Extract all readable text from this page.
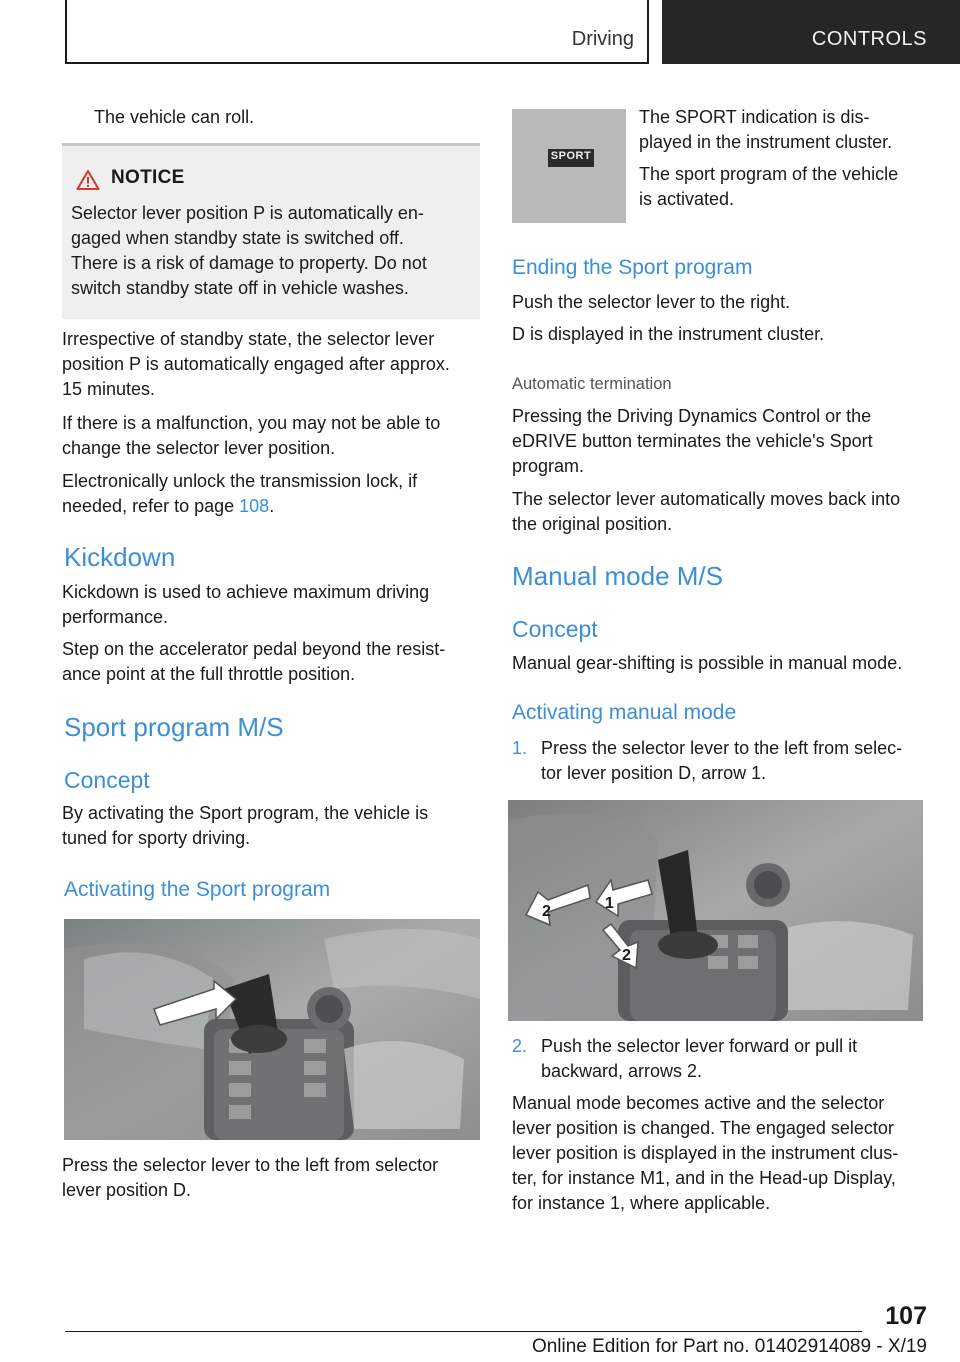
Driving	CONTROLS

The vehicle can roll.

NOTICE
Selector lever position P is automatically en‐
gaged when standby state is switched off.
There is a risk of damage to property. Do not
switch standby state off in vehicle washes.
Irrespective of standby state, the selector lever
position P is automatically engaged after approx.
15 minutes.
If there is a malfunction, you may not be able to
change the selector lever position.
Electronically unlock the transmission lock, if
needed, refer to page 108.
Kickdown
Kickdown is used to achieve maximum driving
performance.
Step on the accelerator pedal beyond the resist‐
ance point at the full throttle position.
Sport program M/S
Concept
By activating the Sport program, the vehicle is
tuned for sporty driving.
Activating the Sport program
Press the selector lever to the left from selector
lever position D.
SPORT
The SPORT indication is dis‐
played in the instrument cluster.
The sport program of the vehicle
is activated.
Ending the Sport program

Push the selector lever to the right.

D is displayed in the instrument cluster.

Automatic termination
Pressing the Driving Dynamics Control or the
eDRIVE button terminates the vehicle's Sport
program.
The selector lever automatically moves back into
the original position.
Manual mode M/S
Concept

Manual gear-shifting is possible in manual mode.

Activating manual mode
1. Press the selector lever to the left from selec‐
tor lever position D, arrow 1.
2	1
2
2. Push the selector lever forward or pull it
backward, arrows 2.
Manual mode becomes active and the selector
lever position is changed. The engaged selector
lever position is displayed in the instrument clus‐
ter, for instance M1, and in the Head-up Display,
for instance 1, where applicable.
107
Online Edition for Part no. 01402914089 - X/19
